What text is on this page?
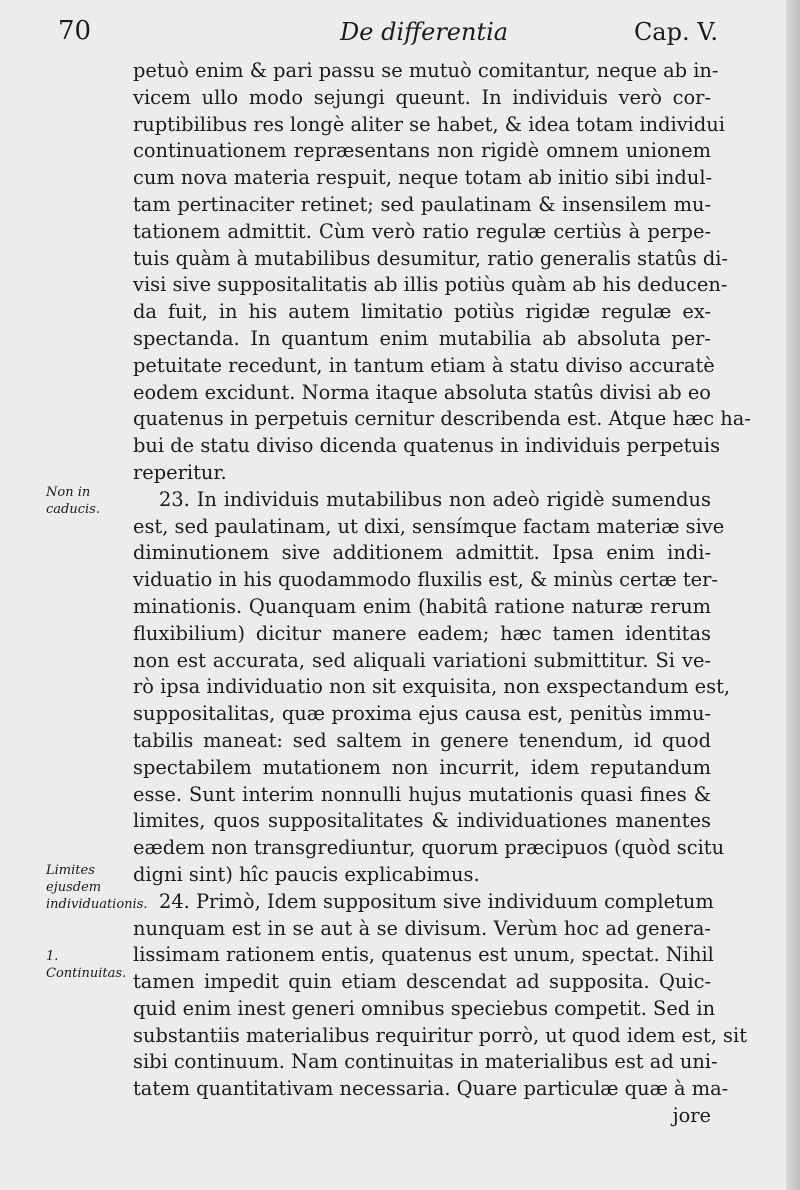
70	De differentia	Cap. V.
Non in caducis.
Limites ejusdem individuationis.
1. Continuitas.
petuò enim & pari passu se mutuò comitantur, neque ab in-
vicem ullo modo sejungi queunt. In individuis verò cor-
ruptibilibus res longè aliter se habet, & idea totam individui
continuationem repræsentans non rigidè omnem unionem
cum nova materia respuit, neque totam ab initio sibi indul-
tam pertinaciter retinet; sed paulatinam & insensilem mu-
tationem admittit. Cùm verò ratio regulæ certiùs à perpe-
tuis quàm à mutabilibus desumitur, ratio generalis statûs di-
visi sive suppositalitatis ab illis potiùs quàm ab his deducen-
da fuit, in his autem limitatio potiùs rigidæ regulæ ex-
spectanda. In quantum enim mutabilia ab absoluta per-
petuitate recedunt, in tantum etiam à statu diviso accuratè
eodem excidunt. Norma itaque absoluta statûs divisi ab eo
quatenus in perpetuis cernitur describenda est. Atque hæc ha-
bui de statu diviso dicenda quatenus in individuis perpetuis
reperitur.
23. In individuis mutabilibus non adeò rigidè sumendus
est, sed paulatinam, ut dixi, sensímque factam materiæ sive
diminutionem sive additionem admittit. Ipsa enim indi-
viduatio in his quodammodo fluxilis est, & minùs certæ ter-
minationis. Quanquam enim (habitâ ratione naturæ rerum
fluxibilium) dicitur manere eadem; hæc tamen identitas
non est accurata, sed aliquali variationi submittitur. Si ve-
rò ipsa individuatio non sit exquisita, non exspectandum est,
suppositalitas, quæ proxima ejus causa est, penitùs immu-
tabilis maneat: sed saltem in genere tenendum, id quod
spectabilem mutationem non incurrit, idem reputandum
esse. Sunt interim nonnulli hujus mutationis quasi fines &
limites, quos suppositalitates & individuationes manentes
eædem non transgrediuntur, quorum præcipuos (quòd scitu
digni sint) hîc paucis explicabimus.
24. Primò, Idem suppositum sive individuum completum
nunquam est in se aut à se divisum. Verùm hoc ad genera-
lissimam rationem entis, quatenus est unum, spectat. Nihil
tamen impedit quin etiam descendat ad supposita. Quic-
quid enim inest generi omnibus speciebus competit. Sed in
substantiis materialibus requiritur porrò, ut quod idem est, sit
sibi continuum. Nam continuitas in materialibus est ad uni-
tatem quantitativam necessaria. Quare particulæ quæ à ma-
jore
